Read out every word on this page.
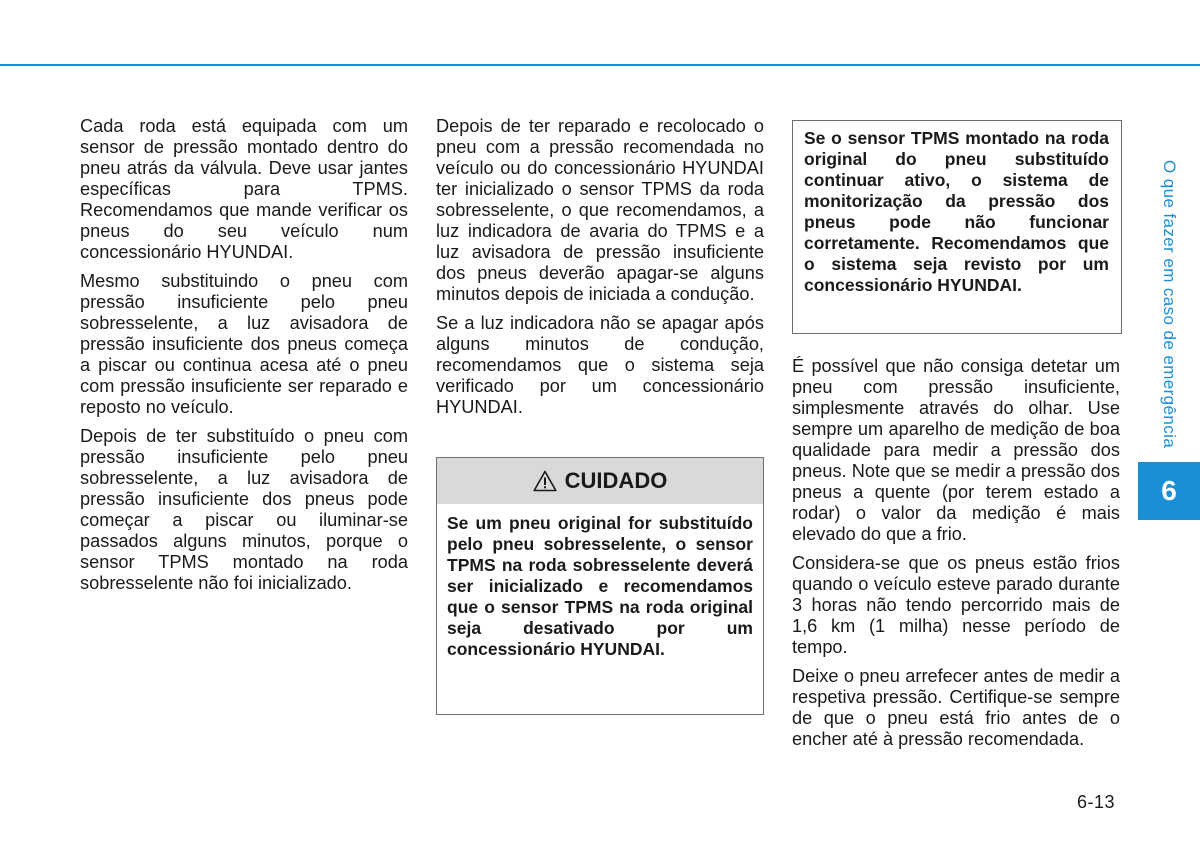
Cada roda está equipada com um sensor de pressão montado dentro do pneu atrás da válvula. Deve usar jantes específicas para TPMS. Recomendamos que mande verificar os pneus do seu veículo num concessionário HYUNDAI.

Mesmo substituindo o pneu com pressão insuficiente pelo pneu sobresselente, a luz avisadora de pressão insuficiente dos pneus começa a piscar ou continua acesa até o pneu com pressão insuficiente ser reparado e reposto no veículo.

Depois de ter substituído o pneu com pressão insuficiente pelo pneu sobresselente, a luz avisadora de pressão insuficiente dos pneus pode começar a piscar ou iluminar-se passados alguns minutos, porque o sensor TPMS montado na roda sobresselente não foi inicializado.

Depois de ter reparado e recolocado o pneu com a pressão recomendada no veículo ou do concessionário HYUNDAI ter inicializado o sensor TPMS da roda sobresselente, o que recomendamos, a luz indicadora de avaria do TPMS e a luz avisadora de pressão insuficiente dos pneus deverão apagar-se alguns minutos depois de iniciada a condução.

Se a luz indicadora não se apagar após alguns minutos de condução, recomendamos que o sistema seja verificado por um concessionário HYUNDAI.

CUIDADO
Se um pneu original for substituído pelo pneu sobresselente, o sensor TPMS na roda sobresselente deverá ser inicializado e recomendamos que o sensor TPMS na roda original seja desativado por um concessionário HYUNDAI.
Se o sensor TPMS montado na roda original do pneu substituído continuar ativo, o sistema de monitorização da pressão dos pneus pode não funcionar corretamente. Recomendamos que o sistema seja revisto por um concessionário HYUNDAI.

É possível que não consiga detetar um pneu com pressão insuficiente, simplesmente através do olhar. Use sempre um aparelho de medição de boa qualidade para medir a pressão dos pneus. Note que se medir a pressão dos pneus a quente (por terem estado a rodar) o valor da medição é mais elevado do que a frio.

Considera-se que os pneus estão frios quando o veículo esteve parado durante 3 horas não tendo percorrido mais de 1,6 km (1 milha) nesse período de tempo.

Deixe o pneu arrefecer antes de medir a respetiva pressão. Certifique-se sempre de que o pneu está frio antes de o encher até à pressão recomendada.

O que fazer em caso de emergência
6
6-13
